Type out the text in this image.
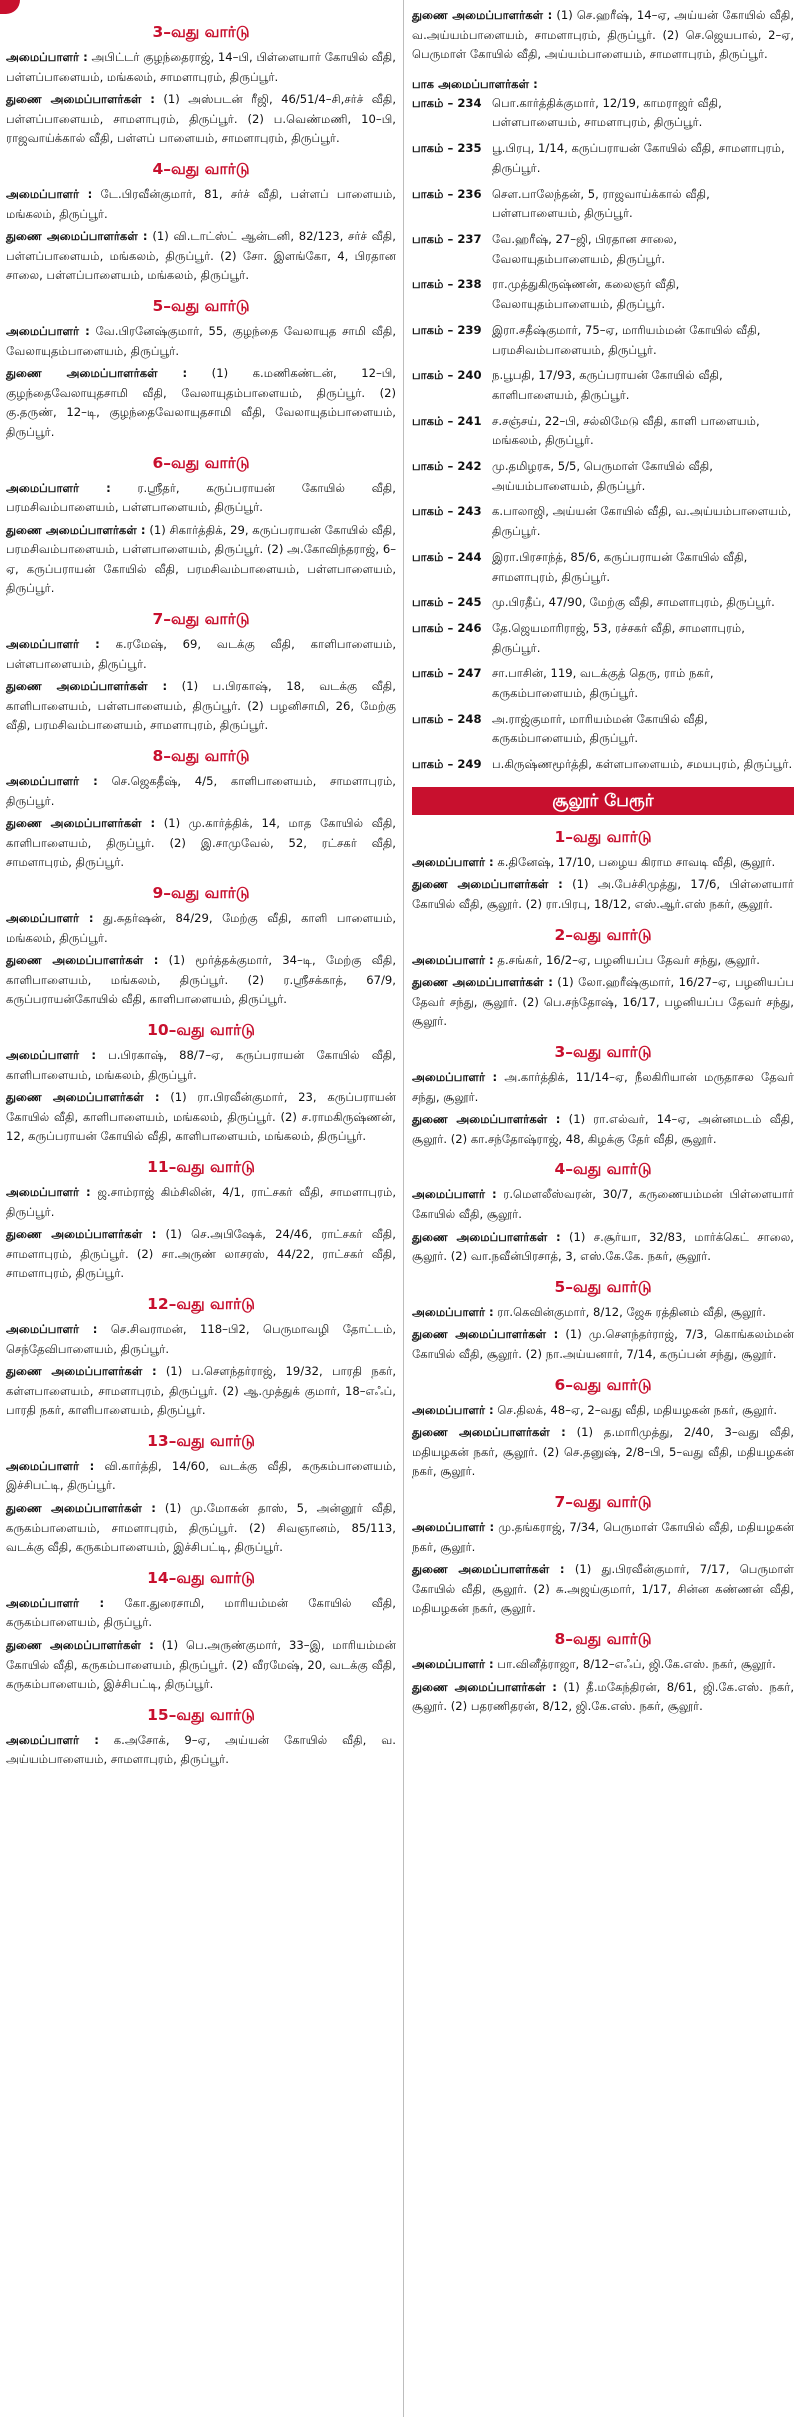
3–வது வார்டு
அமைப்பாளர் : அபிட்டர் குழந்தைராஜ், 14–பி, பிள்ளையார் கோயில் வீதி, பள்ளப்பாளையம், மங்கலம், சாமளாபுரம், திருப்பூர்.
துணை அமைப்பாளர்கள் : (1) அஸ்படன் ரீஜி, 46/51/4–சி,சர்ச் வீதி, பள்ளப்பாளையம், சாமளாபுரம், திருப்பூர். (2) ப.வெண்மணி, 10–பி, ராஜவாய்க்கால் வீதி, பள்ளப் பாளையம், சாமளாபுரம், திருப்பூர்.
4–வது வார்டு
அமைப்பாளர் : டே.பிரவீன்குமார், 81, சர்ச் வீதி, பள்ளப் பாளையம், மங்கலம், திருப்பூர்.
துணை அமைப்பாளர்கள் : (1) வி.டாட்ஸ்ட் ஆன்டனி, 82/123, சர்ச் வீதி, பள்ளப்பாளையம், மங்கலம், திருப்பூர். (2) சோ. இளங்கோ, 4, பிரதான சாலை, பள்ளப்பாளையம், மங்கலம், திருப்பூர்.
5–வது வார்டு
அமைப்பாளர் : வே.பிரனேஷ்குமார், 55, குழந்தை வேலாயுத சாமி வீதி, வேலாயுதம்பாளையம், திருப்பூர்.
துணை அமைப்பாளர்கள் : (1) க.மணிகண்டன், 12–பி, குழந்தைவேலாயுதசாமி வீதி, வேலாயுதம்பாளையம், திருப்பூர். (2) கு.தருண், 12–டி, குழந்தைவேலாயுதசாமி வீதி, வேலாயுதம்பாளையம், திருப்பூர்.
6–வது வார்டு
அமைப்பாளர் : ர.ஸ்ரீதர், கருப்பராயன் கோயில் வீதி, பரமசிவம்பாளையம், பள்ளபாளையம், திருப்பூர்.
துணை அமைப்பாளர்கள் : (1) சிகார்த்திக், 29, கருப்பராயன் கோயில் வீதி, பரமசிவம்பாளையம், பள்ளபாளையம், திருப்பூர். (2) அ.கோவிந்தராஜ், 6–ஏ, கருப்பராயன் கோயில் வீதி, பரமசிவம்பாளையம், பள்ளபாளையம், திருப்பூர்.
7–வது வார்டு
அமைப்பாளர் : க.ரமேஷ், 69, வடக்கு வீதி, காளிபாளையம், பள்ளபாளையம், திருப்பூர்.
துணை அமைப்பாளர்கள் : (1) ப.பிரகாஷ், 18, வடக்கு வீதி, காளிபாளையம், பள்ளபாளையம், திருப்பூர். (2) பழனிசாமி, 26, மேற்கு வீதி, பரமசிவம்பாளையம், சாமளாபுரம், திருப்பூர்.
8–வது வார்டு
அமைப்பாளர் : செ.ஜெகதீஷ், 4/5, காளிபாளையம், சாமளாபுரம், திருப்பூர்.
துணை அமைப்பாளர்கள் : (1) மு.கார்த்திக், 14, மாத கோயில் வீதி, காளிபாளையம், திருப்பூர். (2) இ.சாமுவேல், 52, ரட்சகர் வீதி, சாமளாபுரம், திருப்பூர்.
9–வது வார்டு
அமைப்பாளர் : து.சுதர்ஷன், 84/29, மேற்கு வீதி, காளி பாளையம், மங்கலம், திருப்பூர்.
துணை அமைப்பாளர்கள் : (1) மூர்த்தக்குமார், 34–டி, மேற்கு வீதி, காளிபாளையம், மங்கலம், திருப்பூர். (2) ர.ஸ்ரீசக்காத், 67/9, கருப்பராயன்கோயில் வீதி, காளிபாளையம், திருப்பூர்.
10–வது வார்டு
அமைப்பாளர் : ப.பிரகாஷ், 88/7–ஏ, கருப்பராயன் கோயில் வீதி, காளிபாளையம், மங்கலம், திருப்பூர்.
துணை அமைப்பாளர்கள் : (1) ரா.பிரவீன்குமார், 23, கருப்பராயன் கோயில் வீதி, காளிபாளையம், மங்கலம், திருப்பூர். (2) ச.ராமகிருஷ்ணன், 12, கருப்பராயன் கோயில் வீதி, காளிபாளையம், மங்கலம், திருப்பூர்.
11–வது வார்டு
அமைப்பாளர் : ஜ.சாம்ராஜ் கிம்சிலின், 4/1, ராட்சகர் வீதி, சாமளாபுரம், திருப்பூர்.
துணை அமைப்பாளர்கள் : (1) செ.அபிஷேக், 24/46, ராட்சகர் வீதி, சாமளாபுரம், திருப்பூர். (2) சா.அருண் லாசரஸ், 44/22, ராட்சகர் வீதி, சாமளாபுரம், திருப்பூர்.
12–வது வார்டு
அமைப்பாளர் : செ.சிவராமன், 118–பி2, பெருமாவழி தோட்டம், செந்தேவிபாளையம், திருப்பூர்.
துணை அமைப்பாளர்கள் : (1) ப.செளந்தர்ராஜ், 19/32, பாரதி நகர், கள்ளபாளையம், சாமளாபுரம், திருப்பூர். (2) ஆ.முத்துக் குமார், 18–எஃப், பாரதி நகர், காளிபாளையம், திருப்பூர்.
13–வது வார்டு
அமைப்பாளர் : வி.கார்த்தி, 14/60, வடக்கு வீதி, கருகம்பாளையம், இச்சிபட்டி, திருப்பூர்.
துணை அமைப்பாளர்கள் : (1) மு.மோகன் தாஸ், 5, அன்னூர் வீதி, கருகம்பாளையம், சாமளாபுரம், திருப்பூர். (2) சிவஞானம், 85/113, வடக்கு வீதி, கருகம்பாளையம், இச்சிபட்டி, திருப்பூர்.
14–வது வார்டு
அமைப்பாளர் : கோ.துரைசாமி, மாரியம்மன் கோயில் வீதி, கருகம்பாளையம், திருப்பூர்.
துணை அமைப்பாளர்கள் : (1) பெ.அருண்குமார், 33–இ, மாரியம்மன் கோயில் வீதி, கருகம்பாளையம், திருப்பூர். (2) வீரமேஷ், 20, வடக்கு வீதி, கருகம்பாளையம், இச்சிபட்டி, திருப்பூர்.
15–வது வார்டு
அமைப்பாளர் : க.அசோக், 9–ஏ, அய்யன் கோயில் வீதி, வ. அய்யம்பாளையம், சாமளாபுரம், திருப்பூர்.
துணை அமைப்பாளர்கள் : (1) செ.ஹரீஷ், 14–ஏ, அய்யன் கோயில் வீதி, வ.அய்யம்பாளையம், சாமளாபுரம், திருப்பூர். (2) செ.ஜெயபால், 2–ஏ, பெருமாள் கோயில் வீதி, அய்யம்பாளையம், சாமளாபுரம், திருப்பூர்.
பாக அமைப்பாளர்கள் :
பாகம் – 234 பொ.கார்த்திக்குமார், 12/19, காமராஜர் வீதி, பள்ளபாளையம், சாமளாபுரம், திருப்பூர்.
பாகம் – 235 பூ.பிரபு, 1/14, கருப்பராயன் கோயில் வீதி, சாமளாபுரம், திருப்பூர்.
பாகம் – 236 சௌ.பாலேந்தன், 5, ராஜவாய்க்கால் வீதி, பள்ளபாளையம், திருப்பூர்.
பாகம் – 237 வே.ஹரீஷ், 27–ஜி, பிரதான சாலை, வேலாயுதம்பாளையம், திருப்பூர்.
பாகம் – 238 ரா.முத்துகிருஷ்ணன், கலைஞர் வீதி, வேலாயுதம்பாளையம், திருப்பூர்.
பாகம் – 239 இரா.சதீஷ்குமார், 75–ஏ, மாரியம்மன் கோயில் வீதி, பரமசிவம்பாளையம், திருப்பூர்.
பாகம் – 240 ந.பூபதி, 17/93, கருப்பராயன் கோயில் வீதி, காளிபாளையம், திருப்பூர்.
பாகம் – 241 ச.சஞ்சய், 22–பி, சல்லிமேடு வீதி, காளி பாளையம், மங்கலம், திருப்பூர்.
பாகம் – 242 மு.தமிழரசு, 5/5, பெருமாள் கோயில் வீதி, அய்யம்பாளையம், திருப்பூர்.
பாகம் – 243 க.பாலாஜி, அய்யன் கோயில் வீதி, வ.அய்யம்பாளையம், திருப்பூர்.
பாகம் – 244 இரா.பிரசாந்த், 85/6, கருப்பராயன் கோயில் வீதி, சாமளாபுரம், திருப்பூர்.
பாகம் – 245 மு.பிரதீப், 47/90, மேற்கு வீதி, சாமளாபுரம், திருப்பூர்.
பாகம் – 246 தே.ஜெயமாரிராஜ், 53, ரச்சகர் வீதி, சாமளாபுரம், திருப்பூர்.
பாகம் – 247 சா.பாசின், 119, வடக்குத் தெரு, ராம் நகர், கருகம்பாளையம், திருப்பூர்.
பாகம் – 248 அ.ராஜ்குமார், மாரியம்மன் கோயில் வீதி, கருகம்பாளையம், திருப்பூர்.
பாகம் – 249 ப.கிருஷ்ணமூர்த்தி, கள்ளபாளையம், சமயபுரம், திருப்பூர்.
சூலூர் பேரூர்
1–வது வார்டு
அமைப்பாளர் : க.தினேஷ், 17/10, பழைய கிராம சாவடி வீதி, சூலூர்.
துணை அமைப்பாளர்கள் : (1) அ.பேச்சிமுத்து, 17/6, பிள்ளையார் கோயில் வீதி, சூலூர். (2) ரா.பிரபு, 18/12, எஸ்.ஆர்.எஸ் நகர், சூலூர்.
2–வது வார்டு
அமைப்பாளர் : த.சங்கர், 16/2–ஏ, பழனியப்ப தேவர் சந்து, சூலூர்.
துணை அமைப்பாளர்கள் : (1) லோ.ஹரீஷ்குமார், 16/27–ஏ, பழனியப்ப தேவர் சந்து, சூலூர். (2) பெ.சந்தோஷ், 16/17, பழனியப்ப தேவர் சந்து, சூலூர்.
3–வது வார்டு
அமைப்பாளர் : அ.கார்த்திக், 11/14–ஏ, நீலகிரியான் மருதாசல தேவர் சந்து, சூலூர்.
துணை அமைப்பாளர்கள் : (1) ரா.எல்வர், 14–ஏ, அன்னமடம் வீதி, சூலூர். (2) கா.சந்தோஷ்ராஜ், 48, கிழக்கு தேர் வீதி, சூலூர்.
4–வது வார்டு
அமைப்பாளர் : ர.மௌலீஸ்வரன், 30/7, கருணையம்மன் பிள்ளையார் கோயில் வீதி, சூலூர்.
துணை அமைப்பாளர்கள் : (1) ச.சூர்யா, 32/83, மார்க்கெட் சாலை, சூலூர். (2) வா.நவீன்பிரசாத், 3, எஸ்.கே.கே. நகர், சூலூர்.
5–வது வார்டு
அமைப்பாளர் : ரா.கெவின்குமார், 8/12, ஜேசு ரத்தினம் வீதி, சூலூர்.
துணை அமைப்பாளர்கள் : (1) மு.சௌந்தர்ராஜ், 7/3, கொங்கலம்மன் கோயில் வீதி, சூலூர். (2) நா.அய்யனார், 7/14, கருப்பன் சந்து, சூலூர்.
6–வது வார்டு
அமைப்பாளர் : செ.திலக், 48–ஏ, 2–வது வீதி, மதியழகன் நகர், சூலூர்.
துணை அமைப்பாளர்கள் : (1) த.மாரிமுத்து, 2/40, 3–வது வீதி, மதியழகன் நகர், சூலூர். (2) செ.தனுஷ், 2/8–பி, 5–வது வீதி, மதியழகன் நகர், சூலூர்.
7–வது வார்டு
அமைப்பாளர் : மு.தங்கராஜ், 7/34, பெருமாள் கோயில் வீதி, மதியழகன் நகர், சூலூர்.
துணை அமைப்பாளர்கள் : (1) து.பிரவீன்குமார், 7/17, பெருமாள் கோயில் வீதி, சூலூர். (2) சு.அஜய்குமார், 1/17, சின்ன கண்ணன் வீதி, மதியழகன் நகர், சூலூர்.
8–வது வார்டு
அமைப்பாளர் : பா.வினீத்ராஜா, 8/12–எஃப், ஜி.கே.எஸ். நகர், சூலூர்.
துணை அமைப்பாளர்கள் : (1) தீ.மகேந்திரன், 8/61, ஜி.கே.எஸ். நகர், சூலூர். (2) பதரணிதரன், 8/12, ஜி.கே.எஸ். நகர், சூலூர்.
